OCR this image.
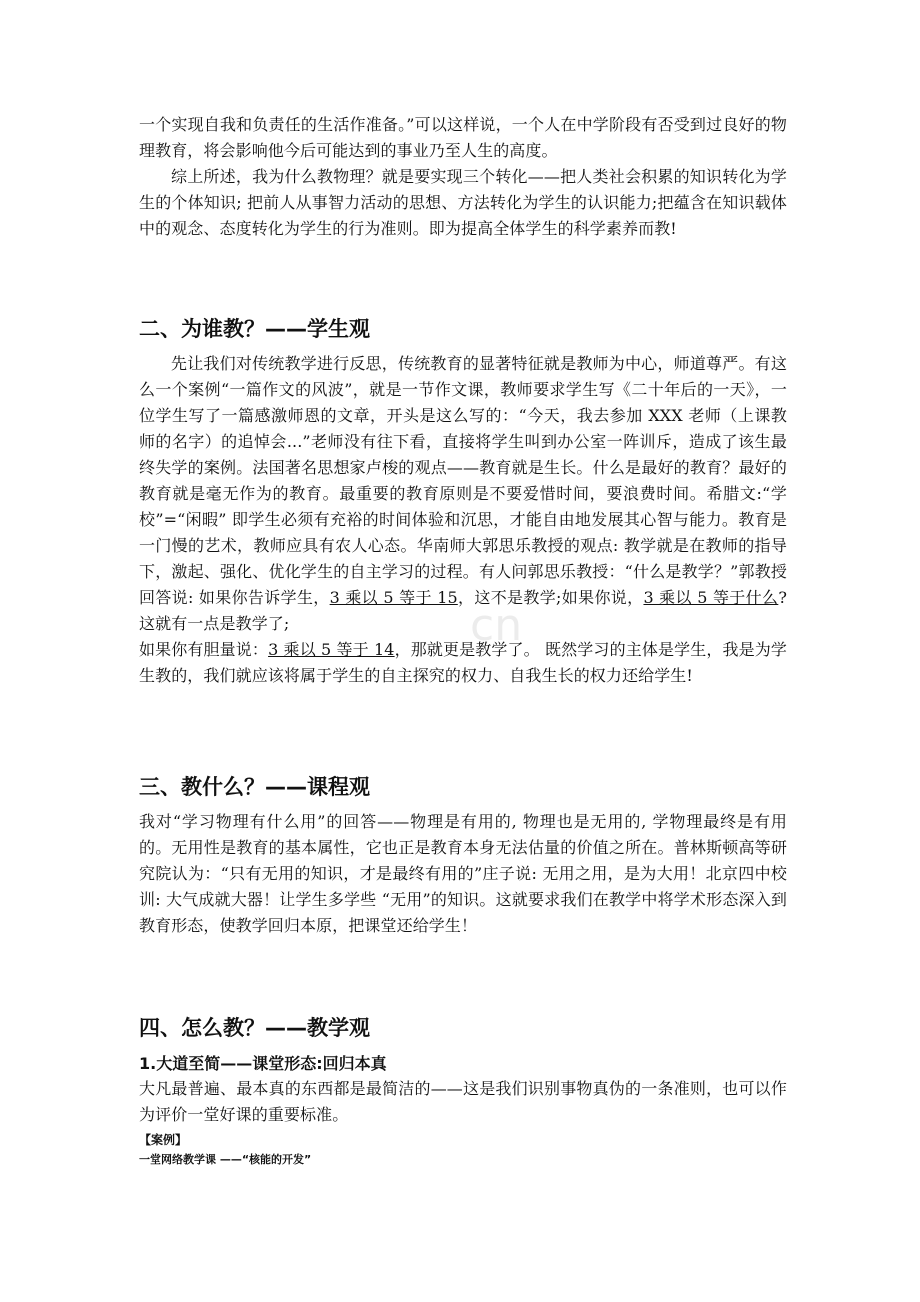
cn

一个实现自我和负责任的生活作准备。”可以这样说，一个人在中学阶段有否受到过良好的物理教育，将会影响他今后可能达到的事业乃至人生的高度。

综上所述，我为什么教物理？就是要实现三个转化——把人类社会积累的知识转化为学生的个体知识; 把前人从事智力活动的思想、方法转化为学生的认识能力;把蕴含在知识载体中的观念、态度转化为学生的行为准则。即为提高全体学生的科学素养而教!

二、为谁教？——学生观

先让我们对传统教学进行反思，传统教育的显著特征就是教师为中心，师道尊严。有这么一个案例“一篇作文的风波”，就是一节作文课，教师要求学生写《二十年后的一天》，一位学生写了一篇感激师恩的文章，开头是这么写的：“今天，我去参加 XXX 老师（上课教师的名字）的追悼会...”老师没有往下看，直接将学生叫到办公室一阵训斥，造成了该生最终失学的案例。法国著名思想家卢梭的观点——教育就是生长。什么是最好的教育？最好的教育就是毫无作为的教育。最重要的教育原则是不要爱惜时间，要浪费时间。希腊文:“学校”=“闲暇” 即学生必须有充裕的时间体验和沉思，才能自由地发展其心智与能力。教育是一门慢的艺术，教师应具有农人心态。华南师大郭思乐教授的观点: 教学就是在教师的指导下，激起、强化、优化学生的自主学习的过程。有人问郭思乐教授：“什么是教学？”郭教授回答说: 如果你告诉学生，3 乘以 5 等于 15，这不是教学;如果你说，3 乘以 5 等于什么? 这就有一点是教学了;

如果你有胆量说：3 乘以 5 等于 14，那就更是教学了。 既然学习的主体是学生，我是为学生教的，我们就应该将属于学生的自主探究的权力、自我生长的权力还给学生!

三、教什么？——课程观

我对“学习物理有什么用”的回答——物理是有用的, 物理也是无用的, 学物理最终是有用的。无用性是教育的基本属性，它也正是教育本身无法估量的价值之所在。普林斯顿高等研究院认为：“只有无用的知识，才是最终有用的”庄子说: 无用之用，是为大用！北京四中校训: 大气成就大器！让学生多学些 “无用”的知识。这就要求我们在教学中将学术形态深入到教育形态，使教学回归本原，把课堂还给学生！

四、怎么教？——教学观
1.大道至简——课堂形态:回归本真

大凡最普遍、最本真的东西都是最简洁的——这是我们识别事物真伪的一条准则，也可以作为评价一堂好课的重要标准。

【案例】
一堂网络教学课 ——“核能的开发”
